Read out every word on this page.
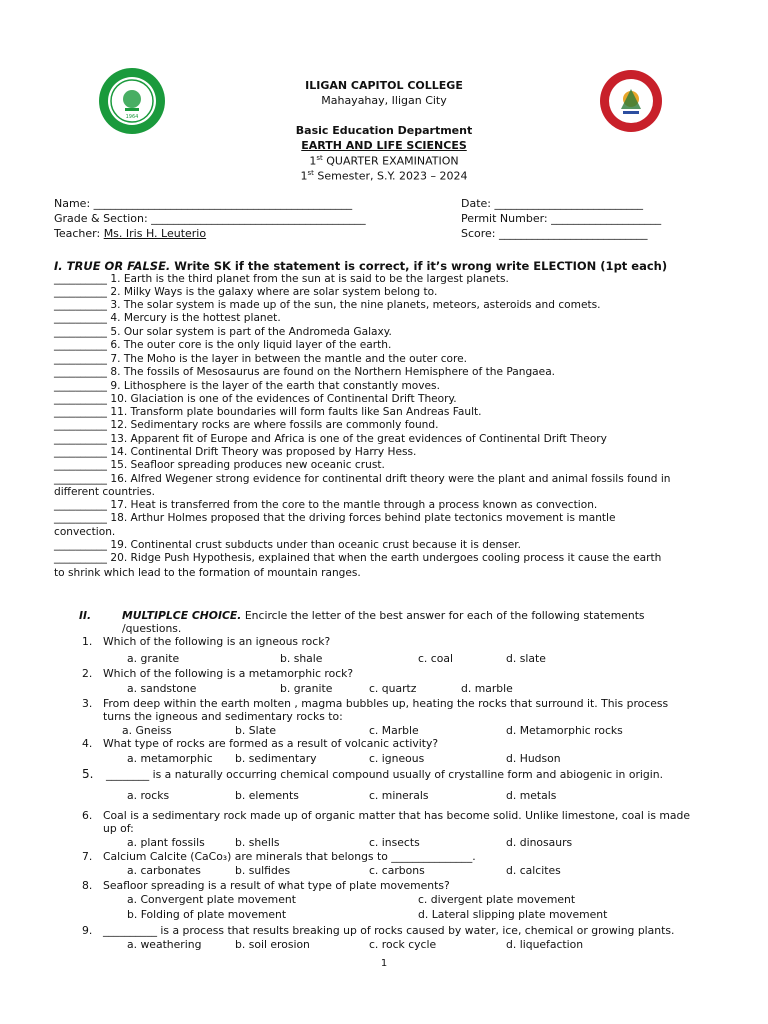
1964
ILIGAN CAPITOL COLLEGE
Mahayahay, Iligan City
Basic Education Department
EARTH AND LIFE SCIENCES
1st QUARTER EXAMINATION
1st Semester, S.Y. 2023 – 2024
Name: _______________________________________________
Grade & Section: _______________________________________
Teacher: Ms. Iris H. Leuterio
Date: ___________________________
Permit Number: ____________________
Score: ___________________________
I. TRUE OR FALSE. Write SK if the statement is correct, if it’s wrong write ELECTION (1pt each)
__________ 1. Earth is the third planet from the sun at is said to be the largest planets.
__________ 2. Milky Ways is the galaxy where are solar system belong to.
__________ 3. The solar system is made up of the sun, the nine planets, meteors, asteroids and comets.
__________ 4. Mercury is the hottest planet.
__________ 5. Our solar system is part of the Andromeda Galaxy.
__________ 6. The outer core is the only liquid layer of the earth.
__________ 7. The Moho is the layer in between the mantle and the outer core.
__________ 8. The fossils of Mesosaurus are found on the Northern Hemisphere of the Pangaea.
__________ 9. Lithosphere is the layer of the earth that constantly moves.
__________ 10. Glaciation is one of the evidences of Continental Drift Theory.
__________ 11. Transform plate boundaries will form faults like San Andreas Fault.
__________ 12. Sedimentary rocks are where fossils are commonly found.
__________ 13. Apparent fit of Europe and Africa is one of the great evidences of Continental Drift Theory
__________ 14. Continental Drift Theory was proposed by Harry Hess.
__________ 15. Seafloor spreading produces new oceanic crust.
__________ 16. Alfred Wegener strong evidence for continental drift theory were the plant and animal fossils found in
different countries.
__________ 17. Heat is transferred from the core to the mantle through a process known as convection.
__________ 18. Arthur Holmes proposed that the driving forces behind plate tectonics movement is mantle
convection.
__________ 19. Continental crust subducts under than oceanic crust because it is denser.
__________ 20. Ridge Push Hypothesis, explained that when the earth undergoes cooling process it cause the earth
to shrink which lead to the formation of mountain ranges.
II.	MULTIPLCE CHOICE. Encircle the letter of the best answer for each of the following statements
/questions.
1. Which of the following is an igneous rock?
a. granite	b. shale	c. coal	d. slate
2. Which of the following is a metamorphic rock?
a. sandstone	b. granite	c. quartz	d. marble
3. From deep within the earth molten , magma bubbles up, heating the rocks that surround it. This process
turns the igneous and sedimentary rocks to:
a. Gneiss	b. Slate	c. Marble	d. Metamorphic rocks
4. What type of rocks are formed as a result of volcanic activity?
a. metamorphic b. sedimentary	c. igneous	d. Hudson
5. ________ is a naturally occurring chemical compound usually of crystalline form and abiogenic in origin.
a. rocks	b. elements	c. minerals	d. metals
6. Coal is a sedimentary rock made up of organic matter that has become solid. Unlike limestone, coal is made
up of:
a. plant fossils	b. shells	c. insects	d. dinosaurs
7. Calcium Calcite (CaCo₃) are minerals that belongs to _______________.
a. carbonates	b. sulfides	c. carbons	d. calcites
8. Seafloor spreading is a result of what type of plate movements?
a. Convergent plate movement	c. divergent plate movement
b. Folding of plate movement	d. Lateral slipping plate movement
9. __________ is a process that results breaking up of rocks caused by water, ice, chemical or growing plants.
a. weathering	b. soil erosion	c. rock cycle	d. liquefaction
1
